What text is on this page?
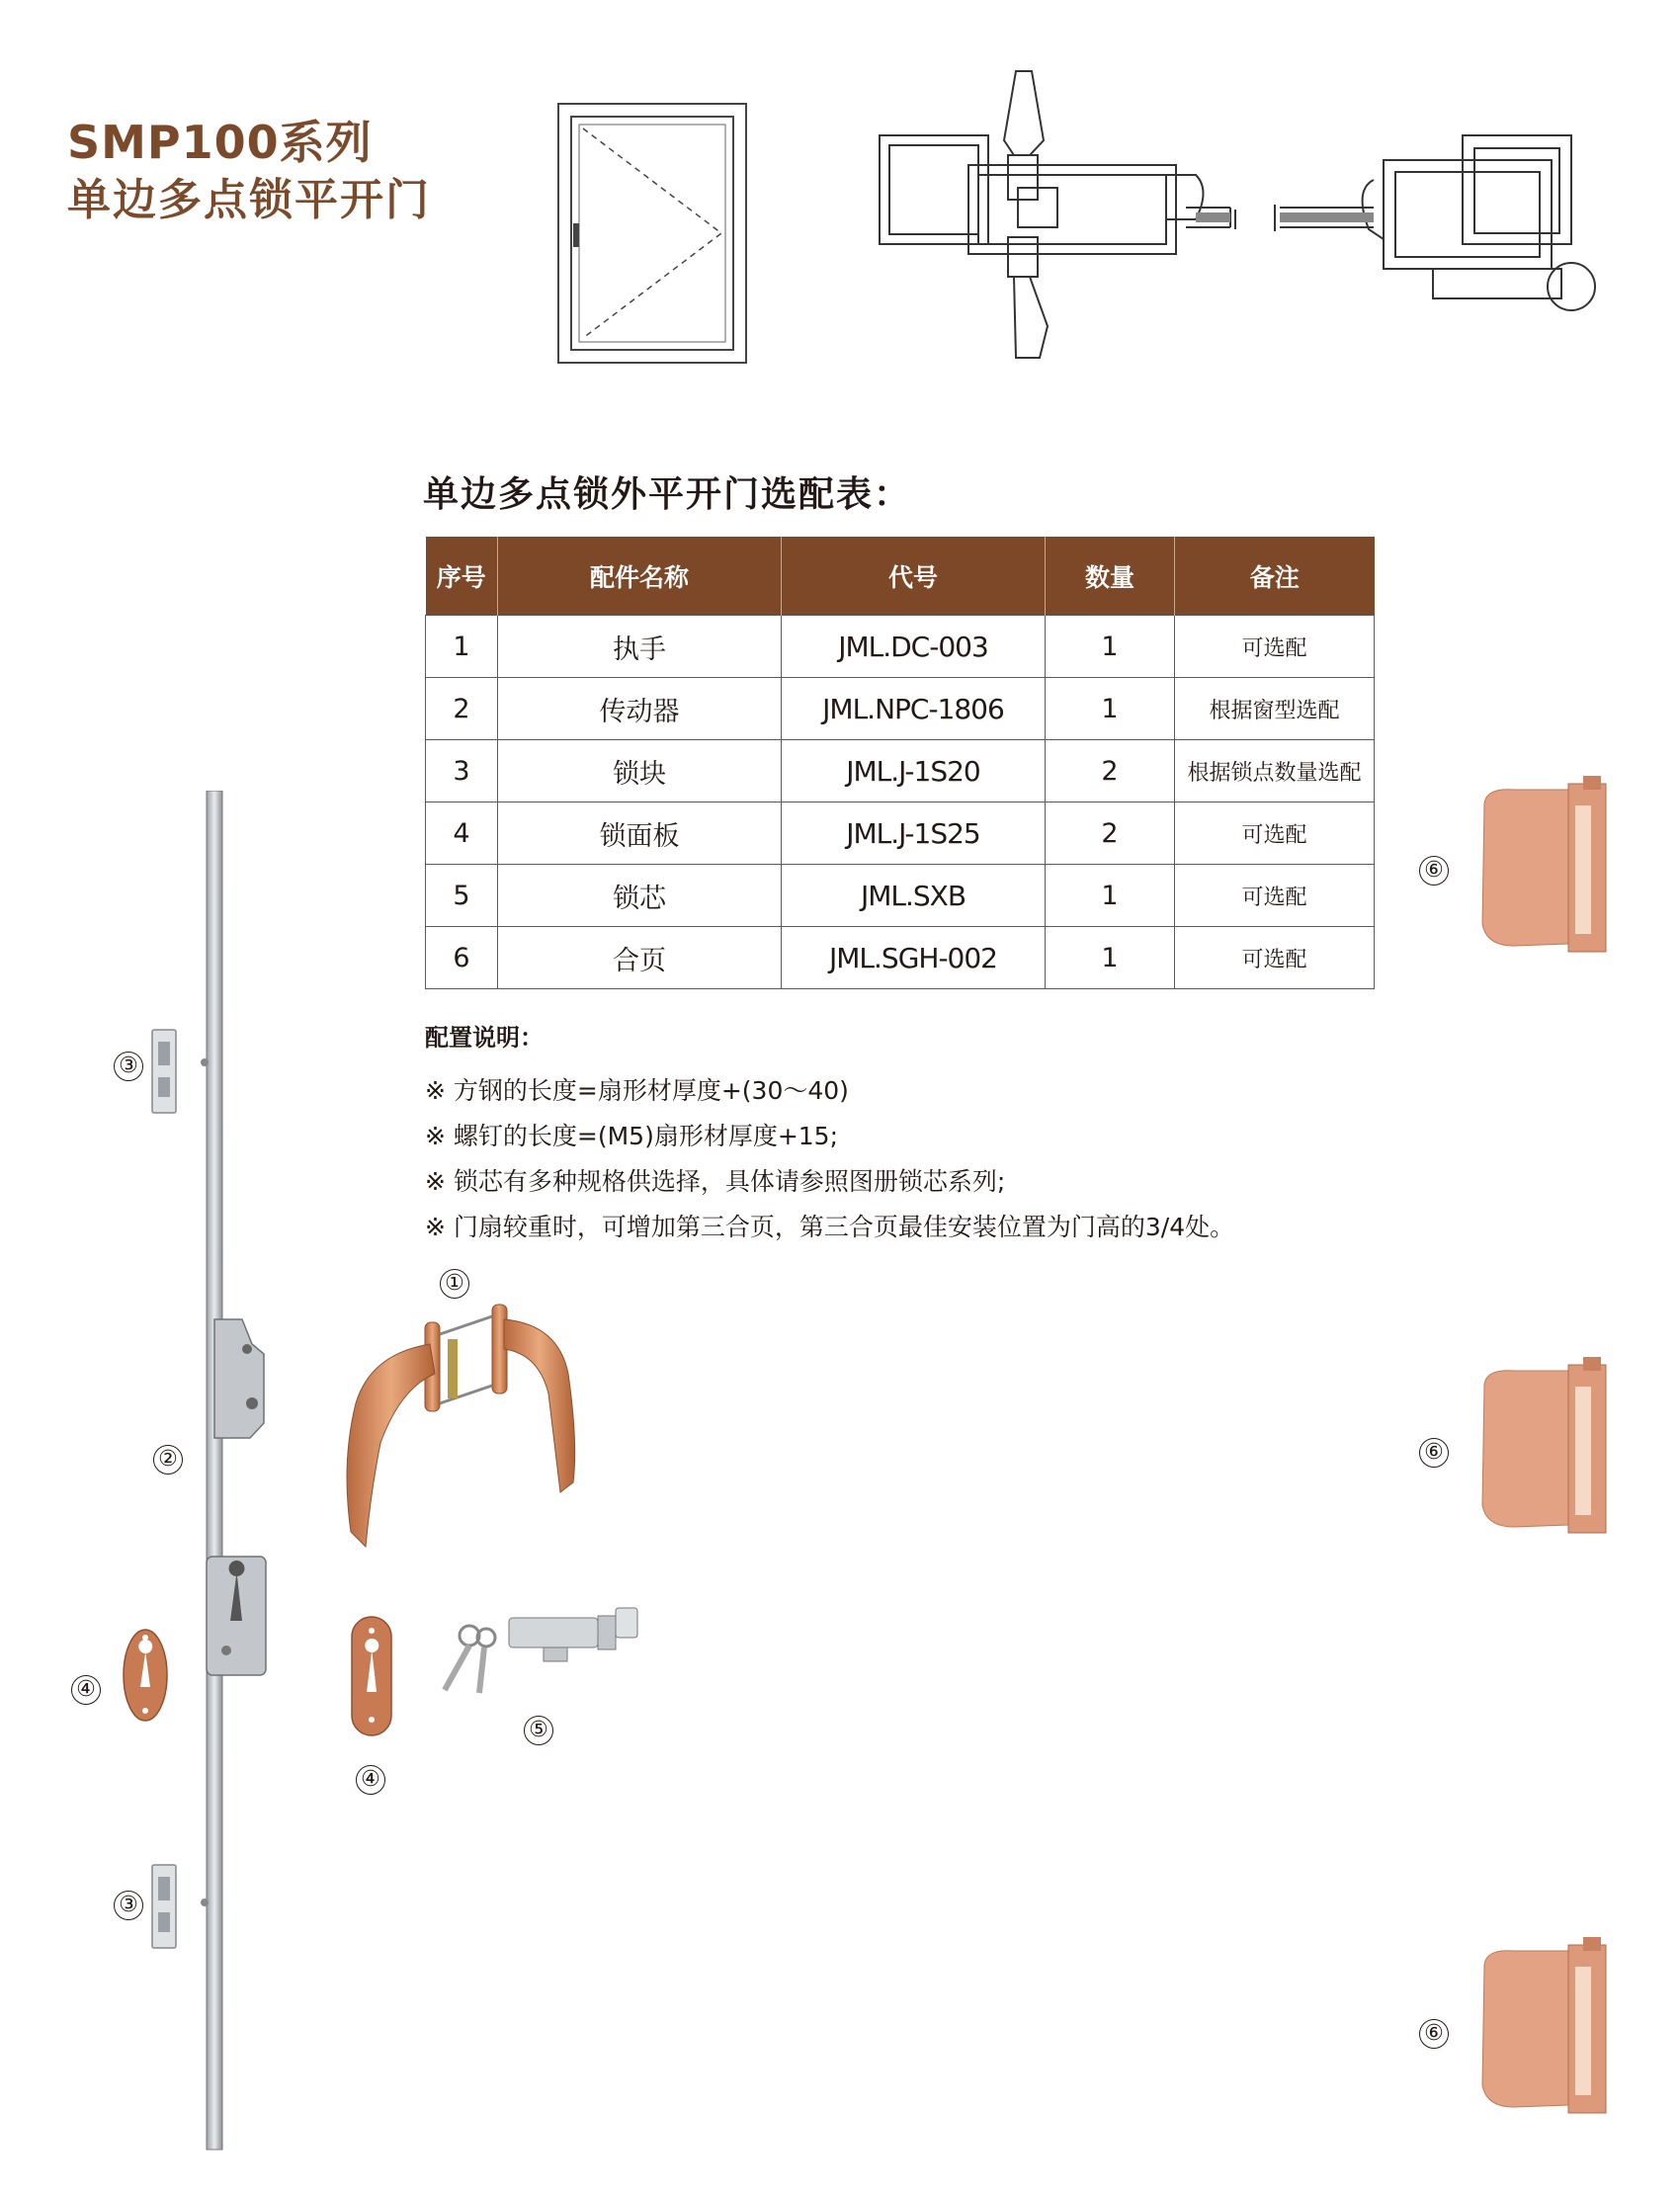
SMP100系列
单边多点锁平开门
单边多点锁外平开门选配表：
序号	配件名称	代号	数量	备注
1	执手	JML.DC-003	1	可选配
2	传动器	JML.NPC-1806	1	根据窗型选配
3	锁块	JML.J-1S20	2	根据锁点数量选配
4	锁面板	JML.J-1S25	2	可选配
5	锁芯	JML.SXB	1	可选配
6	合页	JML.SGH-002	1	可选配
配置说明：
※ 方钢的长度=扇形材厚度+(30～40)
※ 螺钉的长度=(M5)扇形材厚度+15;
※ 锁芯有多种规格供选择，具体请参照图册锁芯系列;
※ 门扇较重时，可增加第三合页，第三合页最佳安装位置为门高的3/4处。
①
②
③
③
④
④
⑤
⑥
⑥
⑥
